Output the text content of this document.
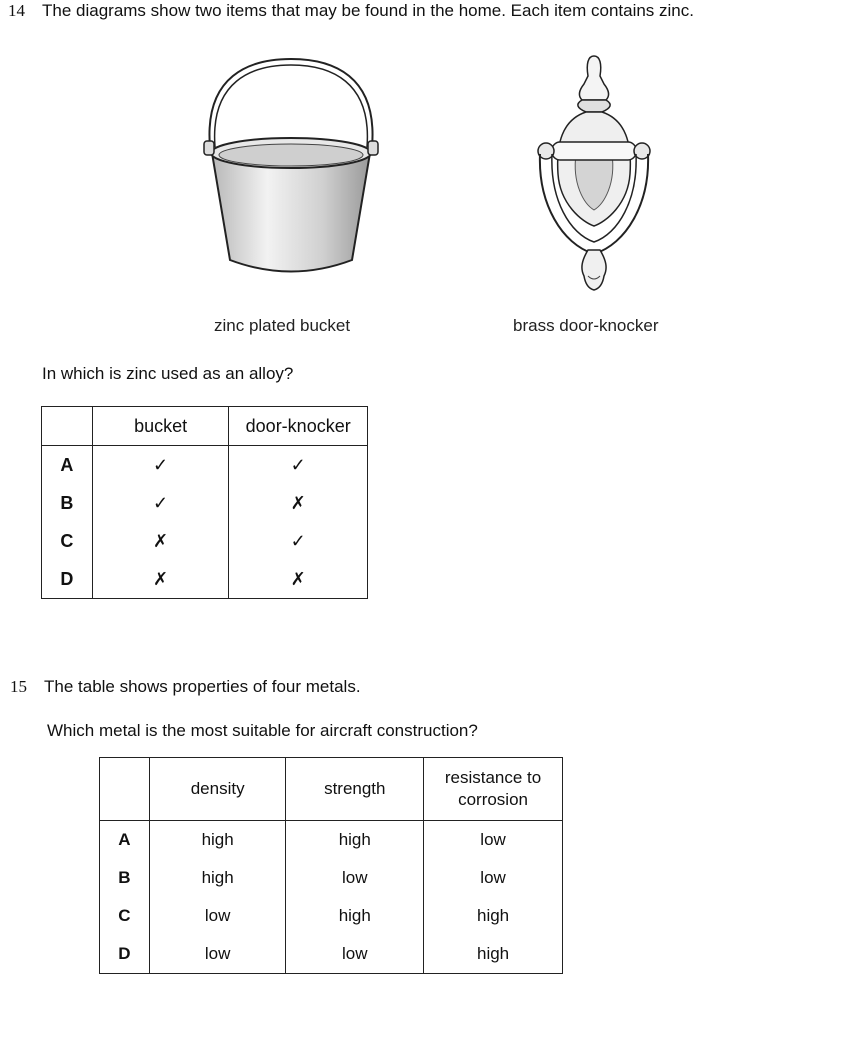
14 The diagrams show two items that may be found in the home. Each item contains zinc.
zinc plated bucket	brass door-knocker
In which is zinc used as an alloy?
	bucket	door-knocker
A	✓	✓
B	✓	✗
C	✗	✓
D	✗	✗
15 The table shows properties of four metals.
Which metal is the most suitable for aircraft construction?
	density	strength	resistance to corrosion
A	high	high	low
B	high	low	low
C	low	high	high
D	low	low	high
